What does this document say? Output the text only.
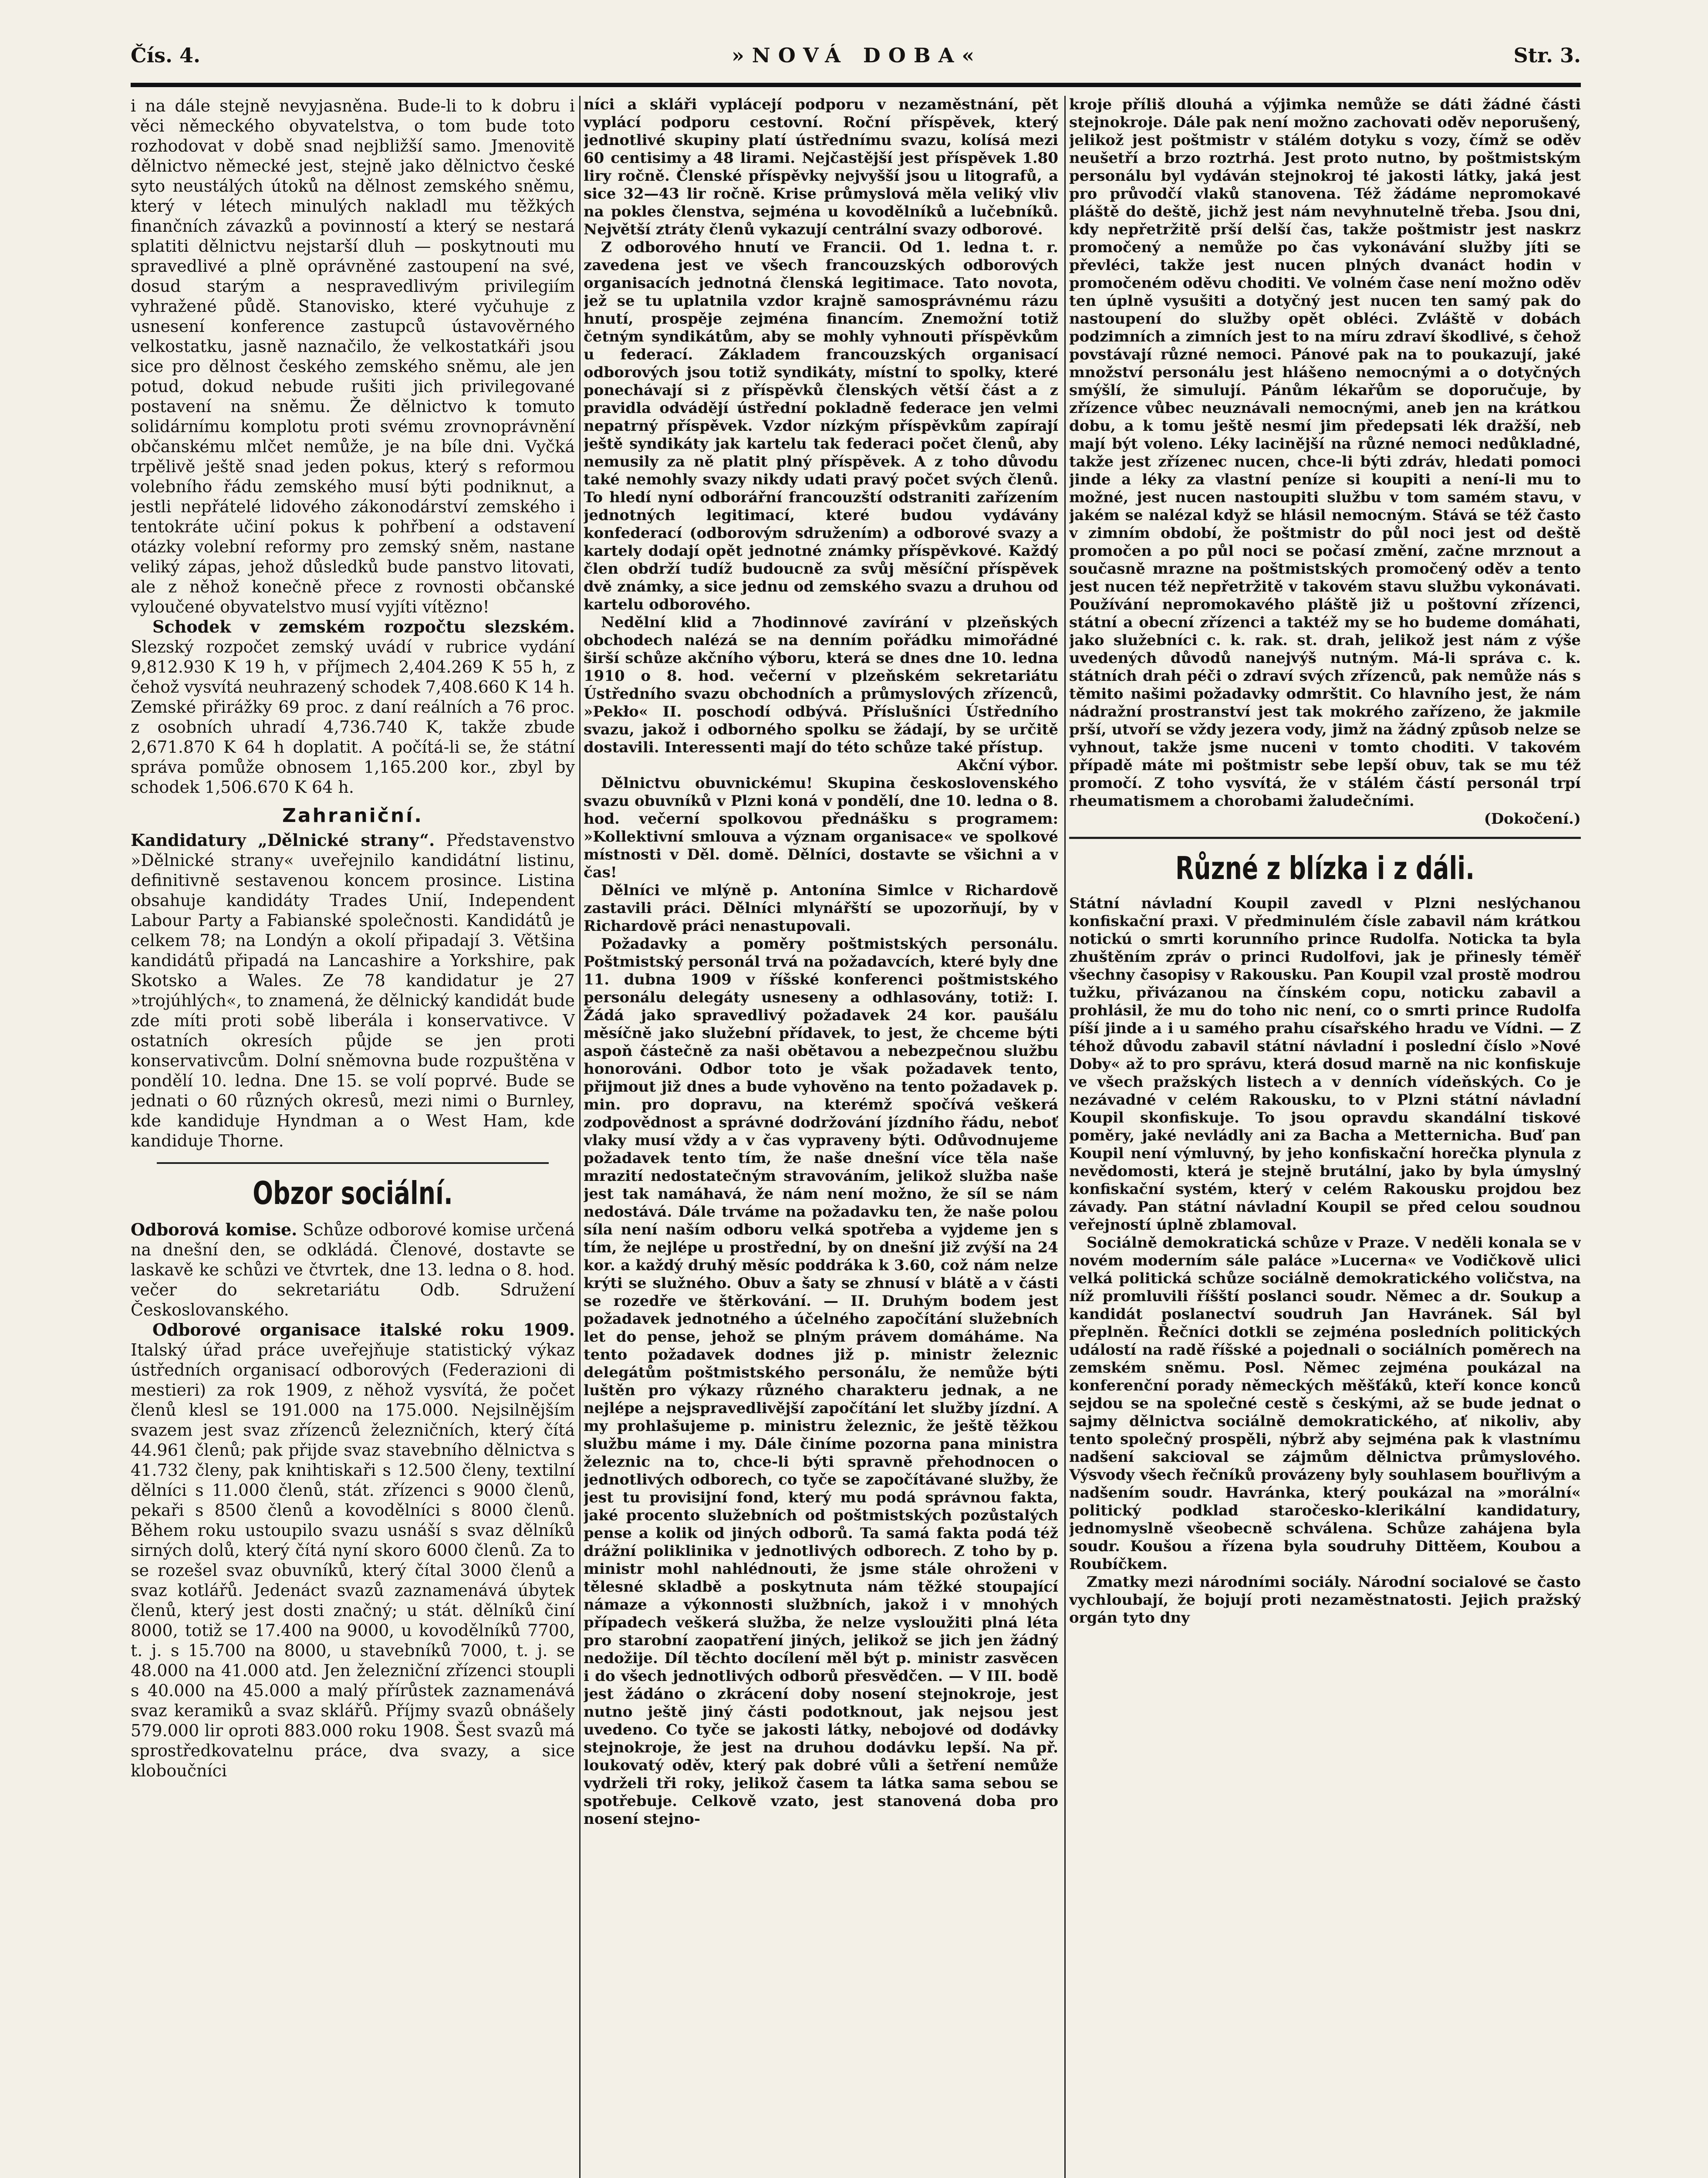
Čís. 4.	»NOVÁ DOBA«	Str. 3.

i na dále stejně nevyjasněna. Bude-li to k dobru i věci německého obyvatelstva, o tom bude toto rozhodovat v době snad nejbližší samo. Jmenovitě dělnictvo německé jest, stejně jako dělnictvo české syto neustálých útoků na dělnost zemského sněmu, který v létech minulých nakladl mu těžkých finančních závazků a povinností a který se nestará splatiti dělnictvu nejstarší dluh — poskytnouti mu spravedlivé a plně oprávněné zastoupení na své, dosud starým a nespravedlivým privilegiím vyhražené půdě. Stanovisko, které vyčuhuje z usnesení konference zastupců ústavověrného velkostatku, jasně naznačilo, že velkostatkáři jsou sice pro dělnost českého zemského sněmu, ale jen potud, dokud nebude rušiti jich privilegované postavení na sněmu. Že dělnictvo k tomuto solidárnímu komplotu proti svému zrovnoprávnění občanskému mlčet nemůže, je na bíle dni. Vyčká trpělivě ještě snad jeden pokus, který s reformou volebního řádu zemského musí býti podniknut, a jestli nepřátelé lidového zákonodárství zemského i tentokráte učiní pokus k pohřbení a odstavení otázky volební reformy pro zemský sněm, nastane veliký zápas, jehož důsledků bude panstvo litovati, ale z něhož konečně přece z rovnosti občanské vyloučené obyvatelstvo musí vyjíti vítězno!

Schodek v zemském rozpočtu slezském. Slezský rozpočet zemský uvádí v rubrice vydání 9,812.930 K 19 h, v příjmech 2,404.269 K 55 h, z čehož vysvítá neuhrazený schodek 7,408.660 K 14 h. Zemské přirážky 69 proc. z daní reálních a 76 proc. z osobních uhradí 4,736.740 K, takže zbude 2,671.870 K 64 h doplatit. A počítá-li se, že státní správa pomůže obnosem 1,165.200 kor., zbyl by schodek 1,506.670 K 64 h.

Zahraniční.

Kandidatury „Dělnické strany“. Představenstvo »Dělnické strany« uveřejnilo kandidátní listinu, definitivně sestavenou koncem prosince. Listina obsahuje kandidáty Trades Unií, Independent Labour Party a Fabianské společnosti. Kandidátů je celkem 78; na Londýn a okolí připadají 3. Většina kandidátů připadá na Lancashire a Yorkshire, pak Skotsko a Wales. Ze 78 kandidatur je 27 »trojúhlých«, to znamená, že dělnický kandidát bude zde míti proti sobě liberála i konservativce. V ostatních okresích půjde se jen proti konservativcům. Dolní sněmovna bude rozpuštěna v pondělí 10. ledna. Dne 15. se volí poprvé. Bude se jednati o 60 různých okresů, mezi nimi o Burnley, kde kandiduje Hyndman a o West Ham, kde kandiduje Thorne.

Obzor sociální.

Odborová komise. Schůze odborové komise určená na dnešní den, se odkládá. Členové, dostavte se laskavě ke schůzi ve čtvrtek, dne 13. ledna o 8. hod. večer do sekretariátu Odb. Sdružení Českoslovanského.

Odborové organisace italské roku 1909. Italský úřad práce uveřejňuje statistický výkaz ústředních organisací odborových (Federazioni di mestieri) za rok 1909, z něhož vysvítá, že počet členů klesl se 191.000 na 175.000. Nejsilnějším svazem jest svaz zřízenců železničních, který čítá 44.961 členů; pak přijde svaz stavebního dělnictva s 41.732 členy, pak knihtiskaři s 12.500 členy, textilní dělníci s 11.000 členů, stát. zřízenci s 9000 členů, pekaři s 8500 členů a kovodělníci s 8000 členů. Během roku ustoupilo svazu usnáší s svaz dělníků sirných dolů, který čítá nyní skoro 6000 členů. Za to se rozešel svaz obuvníků, který čítal 3000 členů a svaz kotlářů. Jedenáct svazů zaznamenává úbytek členů, který jest dosti značný; u stát. dělníků činí 8000, totiž se 17.400 na 9000, u kovodělníků 7700, t. j. s 15.700 na 8000, u stavebníků 7000, t. j. se 48.000 na 41.000 atd. Jen železniční zřízenci stoupli s 40.000 na 45.000 a malý přírůstek zaznamenává svaz keramiků a svaz sklářů. Příjmy svazů obnášely 579.000 lir oproti 883.000 roku 1908. Šest svazů má sprostředkovatelnu práce, dva svazy, a sice kloboučníci

níci a skláři vyplácejí podporu v nezaměstnání, pět vyplácí podporu cestovní. Roční příspěvek, který jednotlivé skupiny platí ústřednímu svazu, kolísá mezi 60 centisimy a 48 lirami. Nejčastější jest příspěvek 1.80 liry ročně. Členské příspěvky nejvyšší jsou u litografů, a sice 32—43 lir ročně. Krise průmyslová měla veliký vliv na pokles členstva, sejména u kovodělníků a lučebníků. Největší ztráty členů vykazují centrální svazy odborové.

Z odborového hnutí ve Francii. Od 1. ledna t. r. zavedena jest ve všech francouzských odborových organisacích jednotná členská legitimace. Tato novota, jež se tu uplatnila vzdor krajně samosprávnému rázu hnutí, prospěje zejména financím. Znemožní totiž četným syndikátům, aby se mohly vyhnouti příspěvkům u federací. Základem francouzských organisací odborových jsou totiž syndikáty, místní to spolky, které ponechávají si z příspěvků členských větší část a z pravidla odvádějí ústřední pokladně federace jen velmi nepatrný příspěvek. Vzdor nízkým příspěvkům zapírají ještě syndikáty jak kartelu tak federaci počet členů, aby nemusily za ně platit plný příspěvek. A z toho důvodu také nemohly svazy nikdy udati pravý počet svých členů. To hledí nyní odborářní francouzští odstraniti zařízením jednotných legitimací, které budou vydávány konfederací (odborovým sdružením) a odborové svazy a kartely dodají opět jednotné známky příspěvkové. Každý člen obdrží tudíž budoucně za svůj měsíční příspěvek dvě známky, a sice jednu od zemského svazu a druhou od kartelu odborového.

Nedělní klid a 7hodinnové zavírání v plzeňských obchodech nalézá se na denním pořádku mimořádné širší schůze akčního výboru, která se dnes dne 10. ledna 1910 o 8. hod. večerní v plzeňském sekretariátu Ústředního svazu obchodních a průmyslových zřízenců, »Pekło« II. poschodí odbývá. Příslušníci Ústředního svazu, jakož i odborného spolku se žádají, by se určitě dostavili. Interessenti mají do této schůze také přístup.

Akční výbor.

Dělnictvu obuvnickému! Skupina československého svazu obuvníků v Plzni koná v pondělí, dne 10. ledna o 8. hod. večerní spolkovou přednášku s programem: »Kollektivní smlouva a význam organisace« ve spolkové místnosti v Děl. domě. Dělníci, dostavte se všichni a v čas!

Dělníci ve mlýně p. Antonína Simlce v Richardově zastavili práci. Dělníci mlynářští se upozorňují, by v Richardově práci nenastupovali.

Požadavky a poměry poštmistských personálu. Poštmistský personál trvá na požadavcích, které byly dne 11. dubna 1909 v říšské konferenci poštmistského personálu delegáty usneseny a odhlasovány, totiž: I. Žádá jako spravedlivý požadavek 24 kor. paušálu měsíčně jako služební přídavek, to jest, že chceme býti aspoň částečně za naši obětavou a nebezpečnou službu honorováni. Odbor toto je však požadavek tento, přijmout již dnes a bude vyhověno na tento požadavek p. min. pro dopravu, na kterémž spočívá veškerá zodpovědnost a správné dodržování jízdního řádu, neboť vlaky musí vždy a v čas vypraveny býti. Odůvodnujeme požadavek tento tím, že naše dnešní více těla naše mrazití nedostatečným stravováním, jelikož služba naše jest tak namáhavá, že nám není možno, že síl se nám nedostává. Dále trváme na požadavku ten, že naše polou síla není naším odboru velká spotřeba a vyjdeme jen s tím, že nejlépe u prostřední, by on dnešní již zvýší na 24 kor. a každý druhý měsíc poddráka k 3.60, což nám nelze krýti se služného. Obuv a šaty se zhnusí v blátě a v části se rozedře ve štěrkování. — II. Druhým bodem jest požadavek jednotného a účelného započítání služebních let do pense, jehož se plným právem domáháme. Na tento požadavek dodnes již p. ministr železnic delegátům poštmistského personálu, že nemůže býti luštěn pro výkazy různého charakteru jednak, a ne nejlépe a nejspravedlivější započítání let služby jízdní. A my prohlašujeme p. ministru železnic, že ještě těžkou službu máme i my. Dále činíme pozorna pana ministra železnic na to, chce-li býti spravně přehodnocen o jednotlivých odborech, co tyče se započítávané služby, že jest tu provisijní fond, který mu podá správnou fakta, jaké procento služebních od poštmistských pozůstalých pense a kolik od jiných odborů. Ta samá fakta podá též drážní poliklinika v jednotlivých odborech. Z toho by p. ministr mohl nahlédnouti, že jsme stále ohroženi v tělesné skladbě a poskytnuta nám těžké stoupající námaze a výkonnosti službních, jakož i v mnohých případech veškerá služba, že nelze vysloužiti plná léta pro starobní zaopatření jiných, jelikož se jich jen žádný nedožije. Díl těchto docílení měl být p. ministr zasvěcen i do všech jednotlivých odborů přesvědčen. — V III. bodě jest žádáno o zkrácení doby nosení stejnokroje, jest nutno ještě jiný části podotknout, jak nejsou jest uvedeno. Co tyče se jakosti látky, nebojové od dodávky stejnokroje, že jest na druhou dodávku lepší. Na př. loukovatý oděv, který pak dobré vůli a šetření nemůže vydrželi tři roky, jelikož časem ta látka sama sebou se spotřebuje. Celkově vzato, jest stanovená doba pro nosení stejno-

kroje příliš dlouhá a výjimka nemůže se dáti žádné části stejnokroje. Dále pak není možno zachovati oděv neporušený, jelikož jest poštmistr v stálém dotyku s vozy, čímž se oděv neušetří a brzo roztrhá. Jest proto nutno, by poštmistským personálu byl vydáván stejnokroj té jakosti látky, jaká jest pro průvodčí vlaků stanovena. Též žádáme nepromokavé pláště do deště, jichž jest nám nevyhnutelně třeba. Jsou dni, kdy nepřetržitě prší delší čas, takže poštmistr jest naskrz promočený a nemůže po čas vykonávání služby jíti se převléci, takže jest nucen plných dvanáct hodin v promočeném oděvu choditi. Ve volném čase není možno oděv ten úplně vysušiti a dotyčný jest nucen ten samý pak do nastoupení do služby opět obléci. Zvláště v dobách podzimních a zimních jest to na míru zdraví škodlivé, s čehož povstávají různé nemoci. Pánové pak na to poukazují, jaké množství personálu jest hlášeno nemocnými a o dotyčných smýšlí, že simulují. Pánům lékařům se doporučuje, by zřízence vůbec neuznávali nemocnými, aneb jen na krátkou dobu, a k tomu ještě nesmí jim předepsati lék dražší, neb mají být voleno. Léky lacinější na různé nemoci nedůkladné, takže jest zřízenec nucen, chce-li býti zdráv, hledati pomoci jinde a léky za vlastní peníze si koupiti a není-li mu to možné, jest nucen nastoupiti službu v tom samém stavu, v jakém se nalézal když se hlásil nemocným. Stává se též často v zimním období, že poštmistr do půl noci jest od deště promočen a po půl noci se počasí změní, začne mrznout a současně mrazne na poštmistských promočený oděv a tento jest nucen též nepřetržitě v takovém stavu službu vykonávati. Používání nepromokavého pláště již u poštovní zřízenci, státní a obecní zřízenci a taktéž my se ho budeme domáhati, jako služebníci c. k. rak. st. drah, jelikož jest nám z výše uvedených důvodů nanejvýš nutným. Má-li správa c. k. státních drah péči o zdraví svých zřízenců, pak nemůže nás s těmito našimi požadavky odmrštit. Co hlavního jest, že nám nádražní prostranství jest tak mokrého zařízeno, že jakmile prší, utvoří se vždy jezera vody, jimž na žádný způsob nelze se vyhnout, takže jsme nuceni v tomto choditi. V takovém případě máte mi poštmistr sebe lepší obuv, tak se mu též promočí. Z toho vysvítá, že v stálém částí personál trpí rheumatismem a chorobami žaludečními.

(Dokočení.)

Různé z blízka i z dáli.

Státní návladní Koupil zavedl v Plzni neslýchanou konfiskační praxi. V předminulém čísle zabavil nám krátkou notickú o smrti korunního prince Rudolfa. Noticka ta byla zhuštěním zpráv o princi Rudolfovi, jak je přinesly téměř všechny časopisy v Rakousku. Pan Koupil vzal prostě modrou tužku, přivázanou na čínském copu, noticku zabavil a prohlásil, že mu do toho nic není, co o smrti prince Rudolfa píší jinde a i u samého prahu císařského hradu ve Vídni. — Z téhož důvodu zabavil státní návladní i poslední číslo »Nové Doby« až to pro správu, která dosud marně na nic konfiskuje ve všech pražských listech a v denních vídeňských. Co je nezávadné v celém Rakousku, to v Plzni státní návladní Koupil skonfiskuje. To jsou opravdu skandální tiskové poměry, jaké nevládly ani za Bacha a Metternicha. Buď pan Koupil není výmluvný, by jeho konfiskační horečka plynula z nevědomosti, která je stejně brutální, jako by byla úmyslný konfiskační systém, který v celém Rakousku projdou bez závady. Pan státní návladní Koupil se před celou soudnou veřejností úplně zblamoval.

Sociálně demokratická schůze v Praze. V neděli konala se v novém moderním sále paláce »Lucerna« ve Vodičkově ulici velká politická schůze sociálně demokratického voličstva, na níž promluvili říšští poslanci soudr. Němec a dr. Soukup a kandidát poslanectví soudruh Jan Havránek. Sál byl přeplněn. Řečníci dotkli se zejména posledních politických událostí na radě říšské a pojednali o sociálních poměrech na zemském sněmu. Posl. Němec zejména poukázal na konferenční porady německých měšťáků, kteří konce konců sejdou se na společné cestě s českými, až se bude jednat o sajmy dělnictva sociálně demokratického, ať nikoliv, aby tento společný prospěli, nýbrž aby sejména pak k vlastnímu nadšení sakcioval se zájmům dělnictva průmyslového. Výsvody všech řečníků provázeny byly souhlasem bouřlivým a nadšením soudr. Havránka, který poukázal na »morální« politický podklad staročesko-klerikální kandidatury, jednomyslně všeobecně schválena. Schůze zahájena byla soudr. Koušou a řízena byla soudruhy Dittěem, Koubou a Roubíčkem.

Zmatky mezi národními sociály. Národní socialové se často vychloubají, že bojují proti nezaměstnatosti. Jejich pražský orgán tyto dny
